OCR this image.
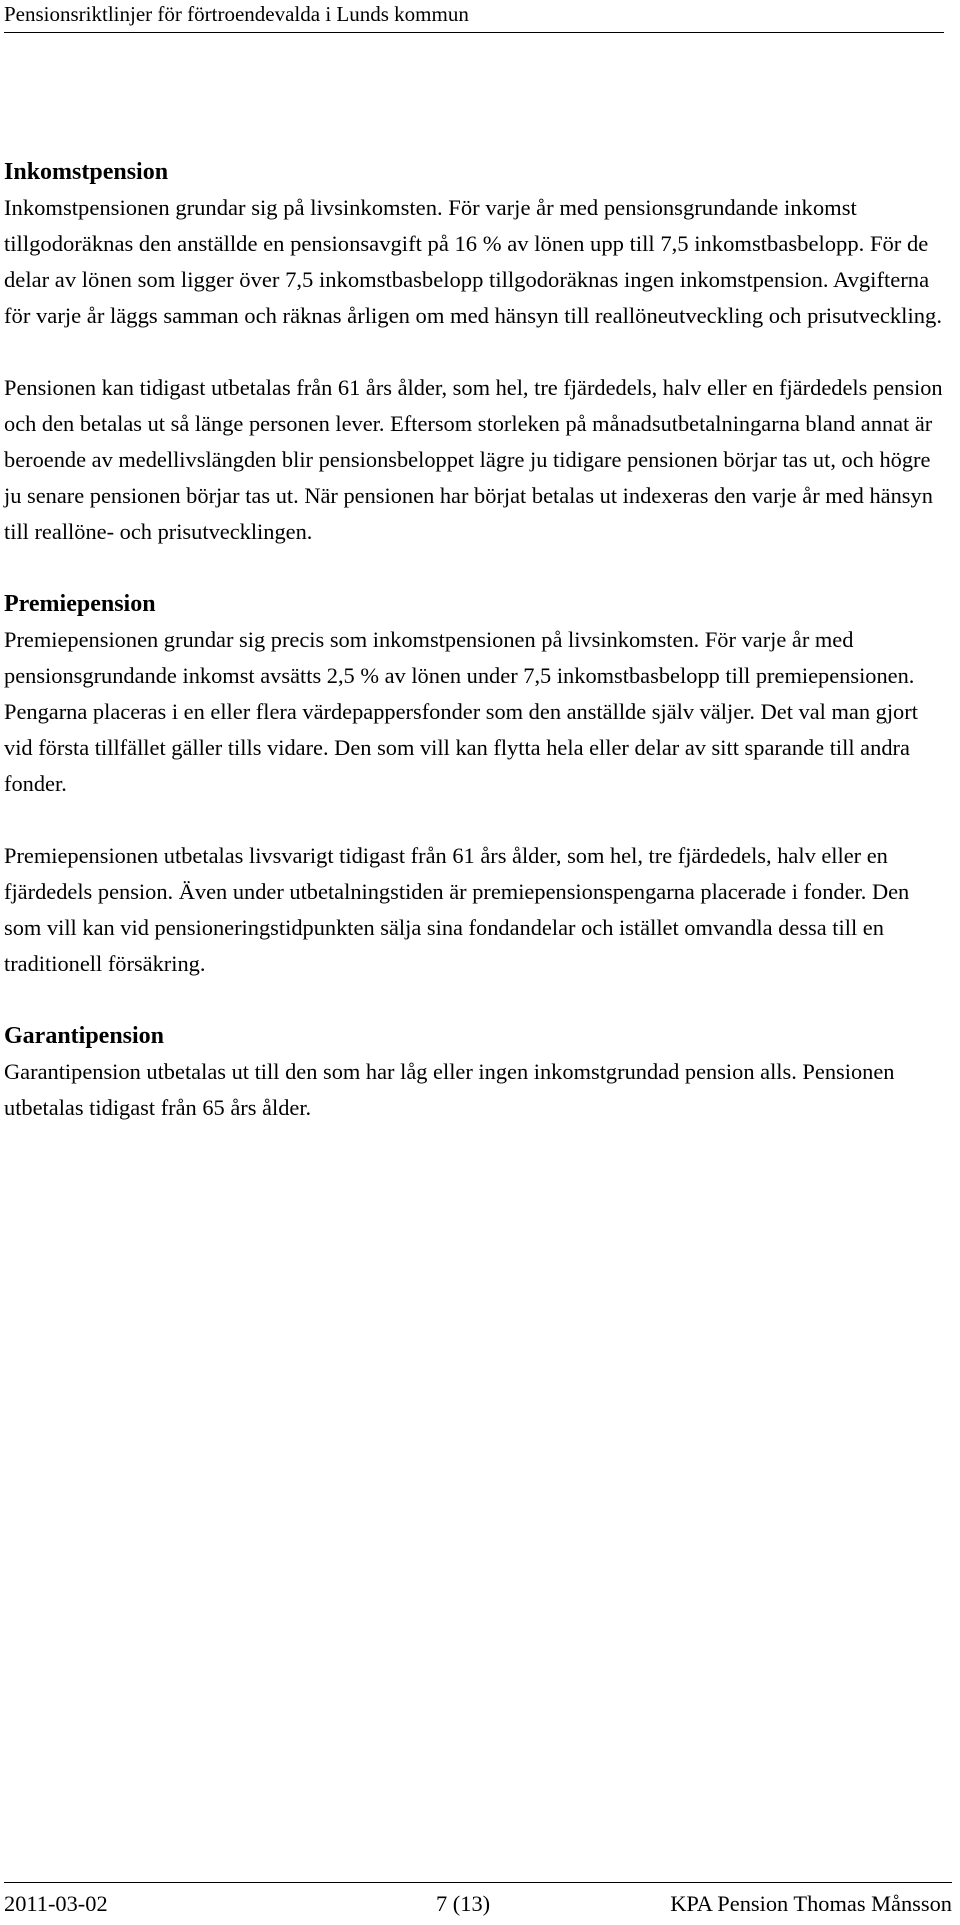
Pensionsriktlinjer för förtroendevalda i Lunds kommun
Inkomstpension

Inkomstpensionen grundar sig på livsinkomsten. För varje år med pensionsgrundande inkomst tillgodoräknas den anställde en pensionsavgift på 16 % av lönen upp till 7,5 inkomstbasbelopp. För de delar av lönen som ligger över 7,5 inkomstbasbelopp tillgodoräknas ingen inkomstpension. Avgifterna för varje år läggs samman och räknas årligen om med hänsyn till reallöneutveckling och prisutveckling.

Pensionen kan tidigast utbetalas från 61 års ålder, som hel, tre fjärdedels, halv eller en fjärdedels pension och den betalas ut så länge personen lever. Eftersom storleken på månadsutbetalningarna bland annat är beroende av medellivslängden blir pensionsbeloppet lägre ju tidigare pensionen börjar tas ut, och högre ju senare pensionen börjar tas ut. När pensionen har börjat betalas ut indexeras den varje år med hänsyn till reallöne- och prisutvecklingen.

Premiepension

Premiepensionen grundar sig precis som inkomstpensionen på livsinkomsten. För varje år med pensionsgrundande inkomst avsätts 2,5 % av lönen under 7,5 inkomstbasbelopp till premiepensionen. Pengarna placeras i en eller flera värdepappersfonder som den anställde själv väljer. Det val man gjort vid första tillfället gäller tills vidare. Den som vill kan flytta hela eller delar av sitt sparande till andra fonder.

Premiepensionen utbetalas livsvarigt tidigast från 61 års ålder, som hel, tre fjärdedels, halv eller en fjärdedels pension. Även under utbetalningstiden är premiepensionspengarna placerade i fonder. Den som vill kan vid pensioneringstidpunkten sälja sina fondandelar och istället omvandla dessa till en traditionell försäkring.

Garantipension

Garantipension utbetalas ut till den som har låg eller ingen inkomstgrundad pension alls. Pensionen utbetalas tidigast från 65 års ålder.

2011-03-02	7 (13)	KPA Pension Thomas Månsson
